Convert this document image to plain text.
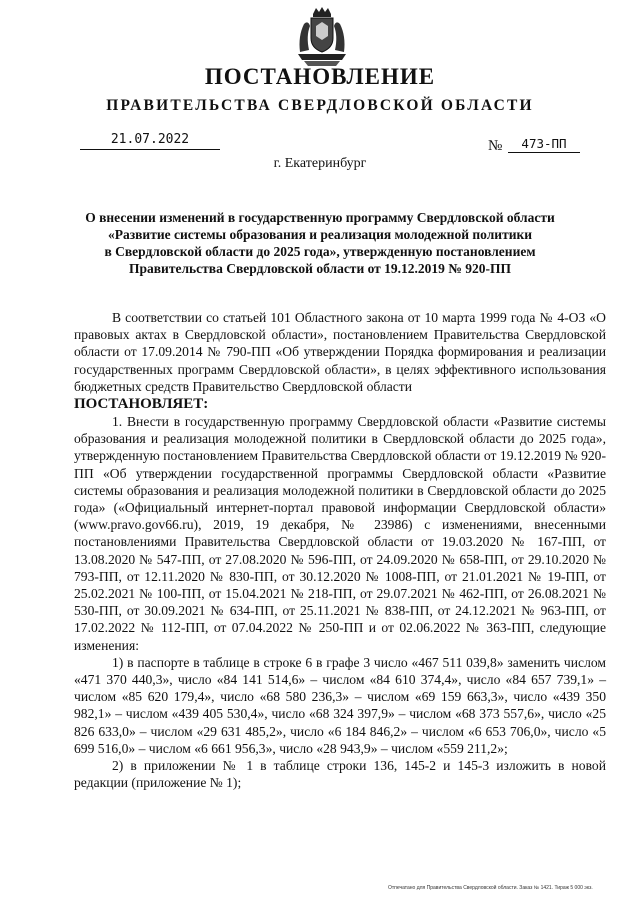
ПОСТАНОВЛЕНИЕ
ПРАВИТЕЛЬСТВА СВЕРДЛОВСКОЙ ОБЛАСТИ
21.07.2022	№	473-ПП
г. Екатеринбург
О внесении изменений в государственную программу Свердловской области
«Развитие системы образования и реализация молодежной политики
в Свердловской области до 2025 года», утвержденную постановлением
Правительства Свердловской области от 19.12.2019 № 920-ПП

В соответствии со статьей 101 Областного закона от 10 марта 1999 года № 4-ОЗ «О правовых актах в Свердловской области», постановлением Правительства Свердловской области от 17.09.2014 № 790-ПП «Об утверждении Порядка формирования и реализации государственных программ Свердловской области», в целях эффективного использования бюджетных средств Правительство Свердловской области

ПОСТАНОВЛЯЕТ:

1. Внести в государственную программу Свердловской области «Развитие системы образования и реализация молодежной политики в Свердловской области до 2025 года», утвержденную постановлением Правительства Свердловской области от 19.12.2019 № 920-ПП «Об утверждении государственной программы Свердловской области «Развитие системы образования и реализация молодежной политики в Свердловской области до 2025 года» («Официальный интернет-портал правовой информации Свердловской области» (www.pravo.gov66.ru), 2019, 19 декабря, № 23986) с изменениями, внесенными постановлениями Правительства Свердловской области от 19.03.2020 № 167-ПП, от 13.08.2020 № 547-ПП, от 27.08.2020 № 596-ПП, от 24.09.2020 № 658-ПП, от 29.10.2020 № 793-ПП, от 12.11.2020 № 830-ПП, от 30.12.2020 № 1008-ПП, от 21.01.2021 № 19-ПП, от 25.02.2021 № 100-ПП, от 15.04.2021 № 218-ПП, от 29.07.2021 № 462-ПП, от 26.08.2021 № 530-ПП, от 30.09.2021 № 634-ПП, от 25.11.2021 № 838-ПП, от 24.12.2021 № 963-ПП, от 17.02.2022 № 112-ПП, от 07.04.2022 № 250-ПП и от 02.06.2022 № 363-ПП, следующие изменения:

1) в паспорте в таблице в строке 6 в графе 3 число «467 511 039,8» заменить числом «471 370 440,3», число «84 141 514,6» – числом «84 610 374,4», число «84 657 739,1» – числом «85 620 179,4», число «68 580 236,3» – числом «69 159 663,3», число «439 350 982,1» – числом «439 405 530,4», число «68 324 397,9» – числом «68 373 557,6», число «25 826 633,0» – числом «29 631 485,2», число «6 184 846,2» – числом «6 653 706,0», число «5 699 516,0» – числом «6 661 956,3», число «28 943,9» – числом «559 211,2»;

2) в приложении № 1 в таблице строки 136, 145-2 и 145-3 изложить в новой редакции (приложение № 1);

Отпечатано для Правительства Свердловской области. Заказ № 1421. Тираж 5 000 экз.
